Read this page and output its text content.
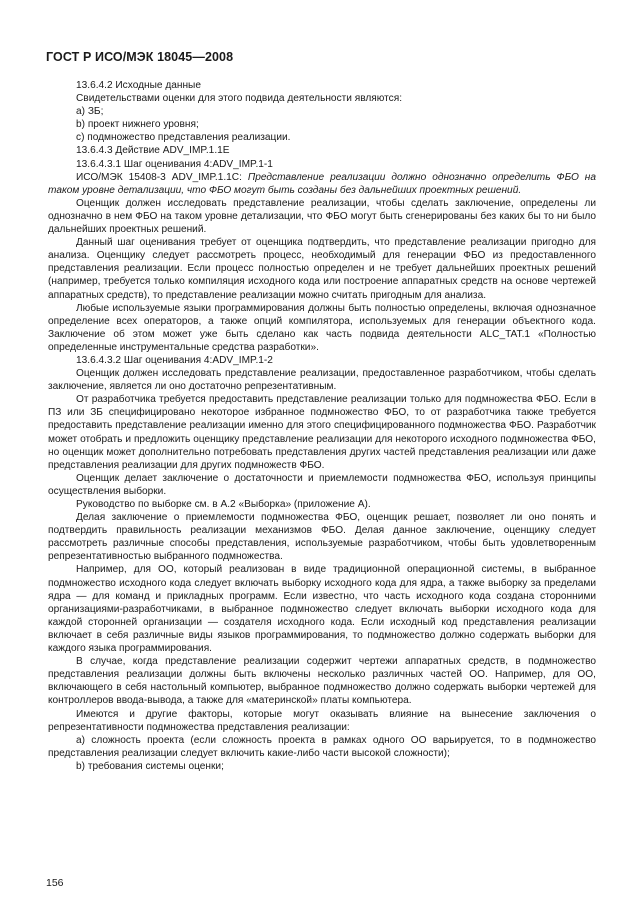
ГОСТ Р ИСО/МЭК 18045—2008

13.6.4.2 Исходные данные

Свидетельствами оценки для этого подвида деятельности являются:

a) ЗБ;

b) проект нижнего уровня;

c) подмножество представления реализации.

13.6.4.3 Действие ADV_IMP.1.1E

13.6.4.3.1 Шаг оценивания 4:ADV_IMP.1-1

ИСО/МЭК 15408-3 ADV_IMP.1.1C: Представление реализации должно однозначно определить ФБО на таком уровне детализации, что ФБО могут быть созданы без дальнейших проектных решений.

Оценщик должен исследовать представление реализации, чтобы сделать заключение, определены ли однозначно в нем ФБО на таком уровне детализации, что ФБО могут быть сгенерированы без каких бы то ни было дальнейших проектных решений.

Данный шаг оценивания требует от оценщика подтвердить, что представление реализации пригодно для анализа. Оценщику следует рассмотреть процесс, необходимый для генерации ФБО из предоставленного представления реализации. Если процесс полностью определен и не требует дальнейших проектных решений (например, требуется только компиляция исходного кода или построение аппаратных средств на основе чертежей аппаратных средств), то представление реализации можно считать пригодным для анализа.

Любые используемые языки программирования должны быть полностью определены, включая однозначное определение всех операторов, а также опций компилятора, используемых для генерации объектного кода. Заключение об этом может уже быть сделано как часть подвида деятельности ALC_TAT.1 «Полностью определенные инструментальные средства разработки».

13.6.4.3.2 Шаг оценивания 4:ADV_IMP.1-2

Оценщик должен исследовать представление реализации, предоставленное разработчиком, чтобы сделать заключение, является ли оно достаточно репрезентативным.

От разработчика требуется предоставить представление реализации только для подмножества ФБО. Если в ПЗ или ЗБ специфицировано некоторое избранное подмножество ФБО, то от разработчика также требуется предоставить представление реализации именно для этого специфицированного подмножества ФБО. Разработчик может отобрать и предложить оценщику представление реализации для некоторого исходного подмножества ФБО, но оценщик может дополнительно потребовать представления других частей представления реализации или даже представления реализации для других подмножеств ФБО.

Оценщик делает заключение о достаточности и приемлемости подмножества ФБО, используя принципы осуществления выборки.

Руководство по выборке см. в А.2 «Выборка» (приложение А).

Делая заключение о приемлемости подмножества ФБО, оценщик решает, позволяет ли оно понять и подтвердить правильность реализации механизмов ФБО. Делая данное заключение, оценщику следует рассмотреть различные способы представления, используемые разработчиком, чтобы быть удовлетворенным репрезентативностью выбранного подмножества.

Например, для ОО, который реализован в виде традиционной операционной системы, в выбранное подмножество исходного кода следует включать выборку исходного кода для ядра, а также выборку за пределами ядра — для команд и прикладных программ. Если известно, что часть исходного кода создана сторонними организациями-разработчиками, в выбранное подмножество следует включать выборки исходного кода для каждой сторонней организации — создателя исходного кода. Если исходный код представления реализации включает в себя различные виды языков программирования, то подмножество должно содержать выборки для каждого языка программирования.

В случае, когда представление реализации содержит чертежи аппаратных средств, в подмножество представления реализации должны быть включены несколько различных частей ОО. Например, для ОО, включающего в себя настольный компьютер, выбранное подмножество должно содержать выборки чертежей для контроллеров ввода-вывода, а также для «материнской» платы компьютера.

Имеются и другие факторы, которые могут оказывать влияние на вынесение заключения о репрезентативности подмножества представления реализации:

a) сложность проекта (если сложность проекта в рамках одного ОО варьируется, то в подмножество представления реализации следует включить какие-либо части высокой сложности);

b) требования системы оценки;

156
